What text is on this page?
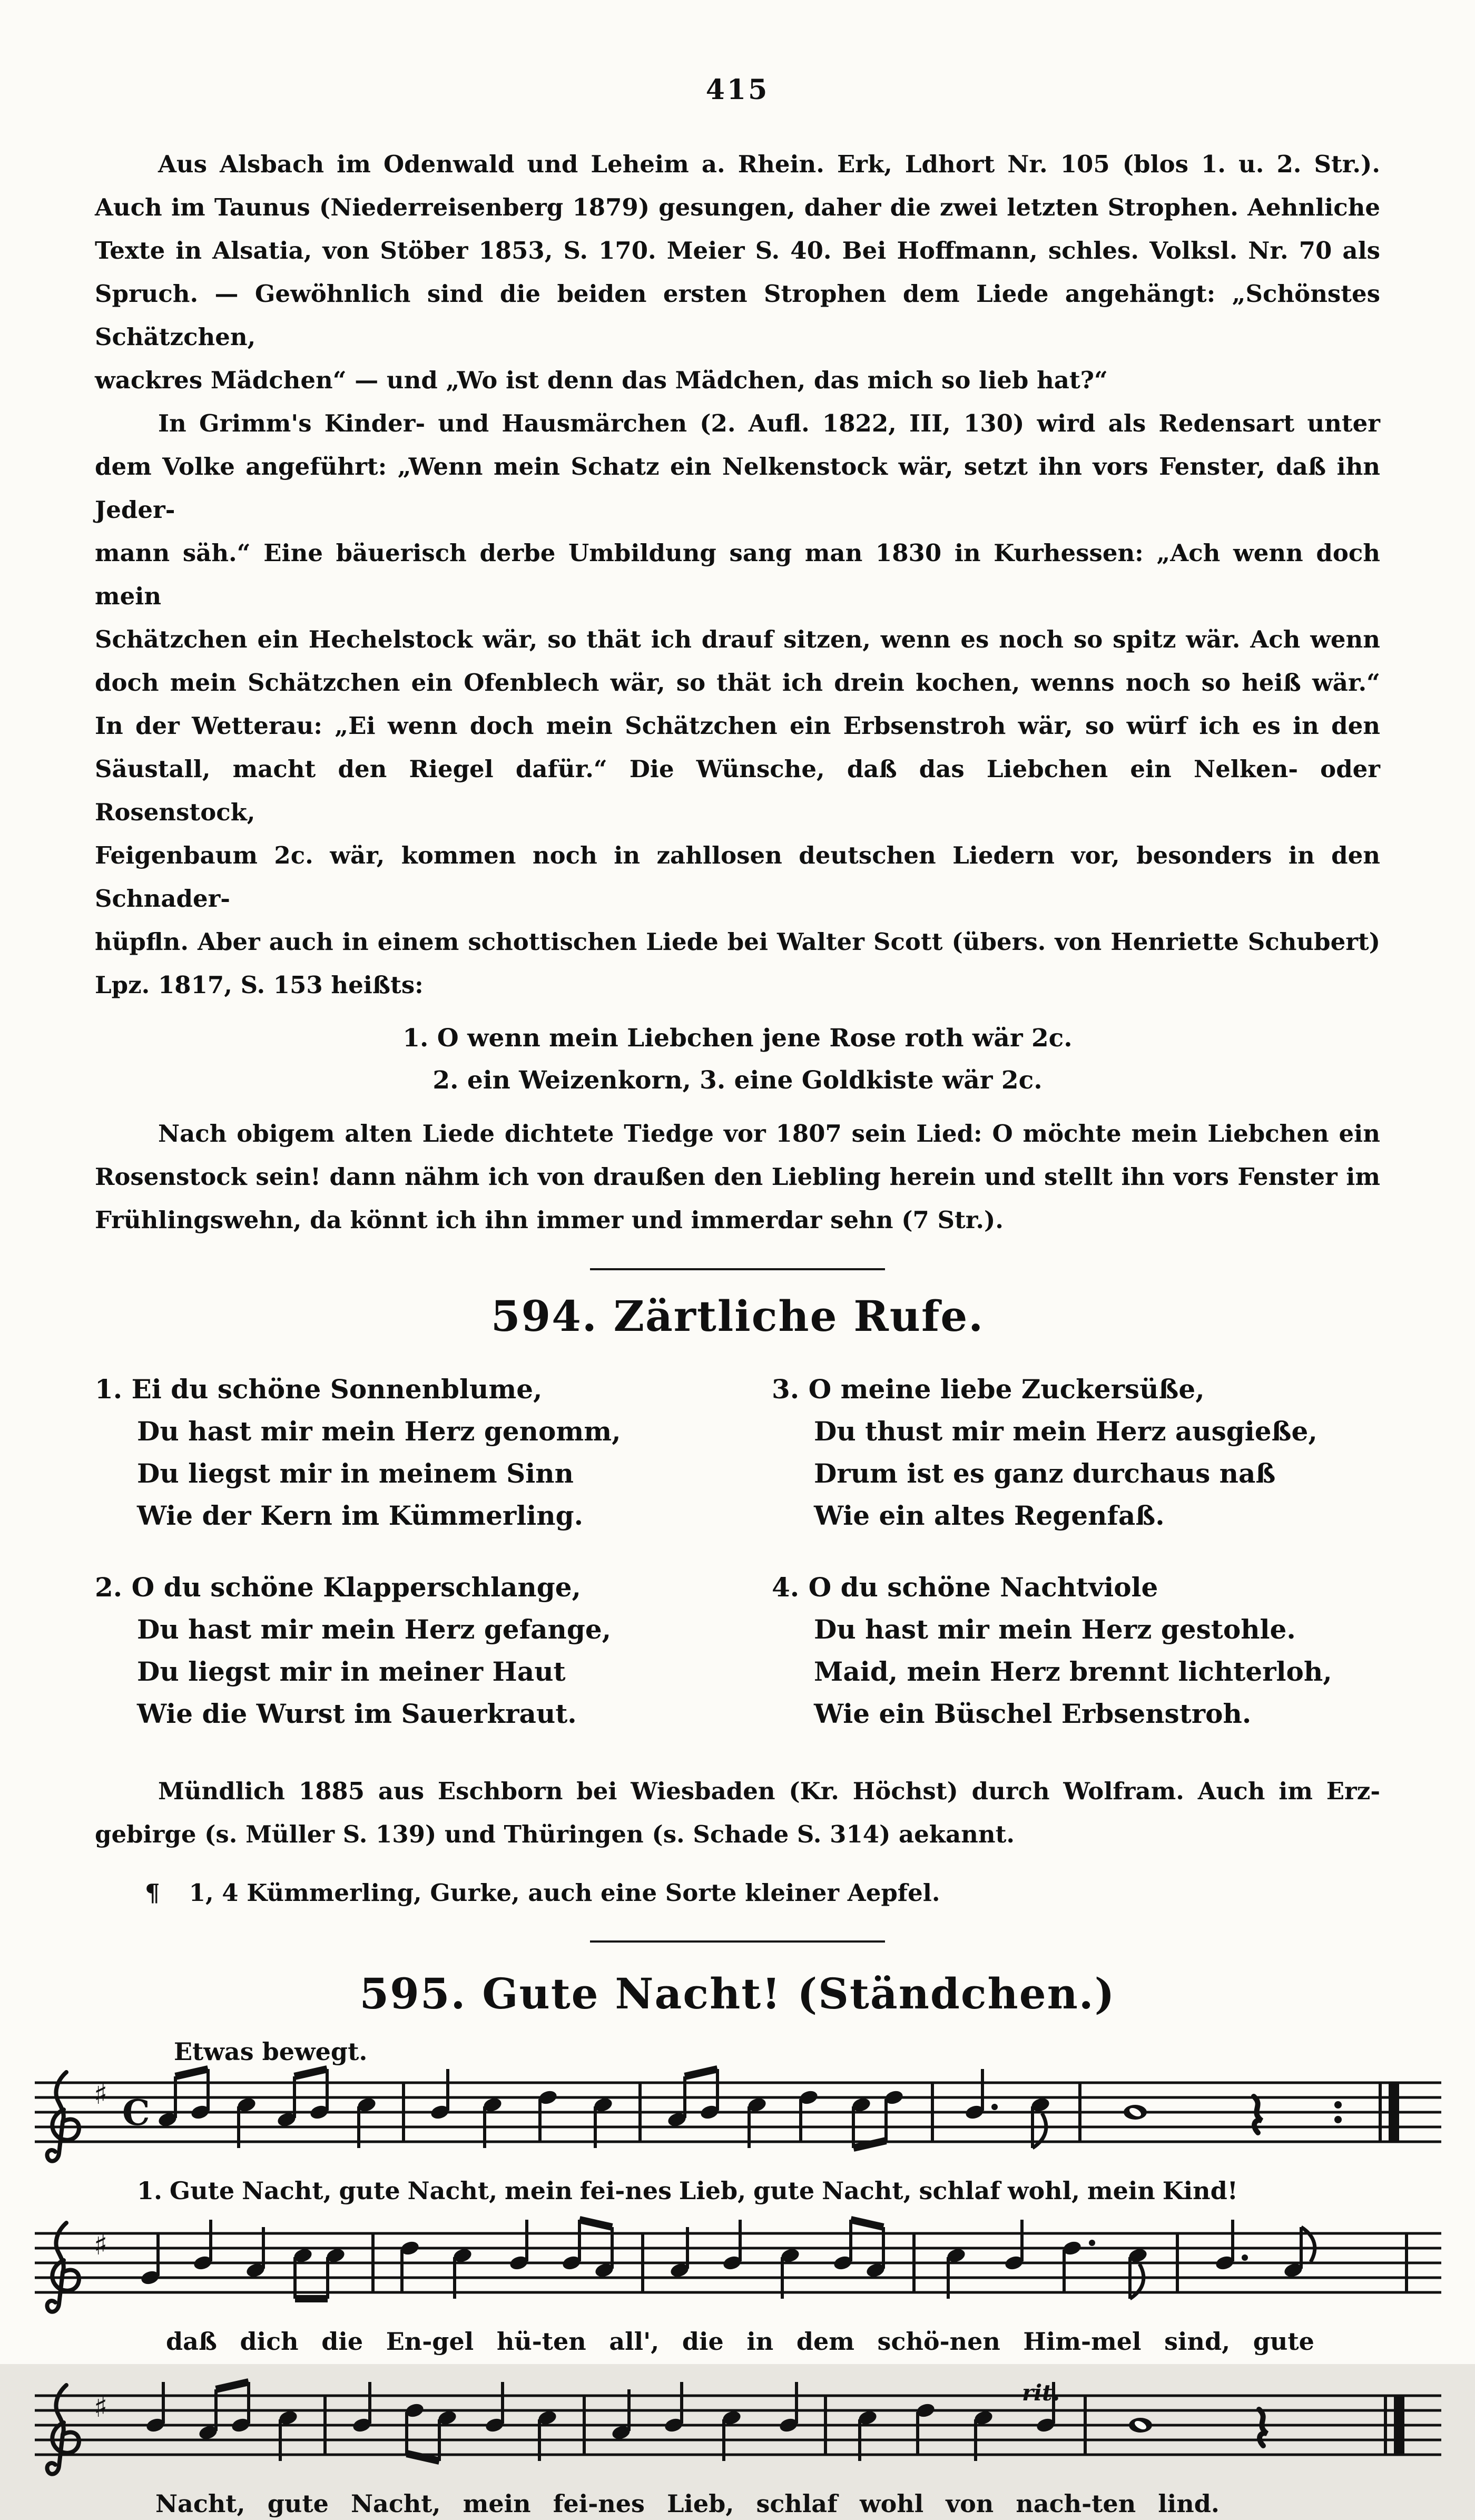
415
Aus Alsbach im Odenwald und Leheim a. Rhein. Erk, Ldhort Nr. 105 (blos 1. u. 2. Str.).
Auch im Taunus (Niederreisenberg 1879) gesungen, daher die zwei letzten Strophen. Aehnliche
Texte in Alsatia, von Stöber 1853, S. 170. Meier S. 40. Bei Hoffmann, schles. Volksl. Nr. 70 als
Spruch. — Gewöhnlich sind die beiden ersten Strophen dem Liede angehängt: „Schönstes Schätzchen,
wackres Mädchen“ — und „Wo ist denn das Mädchen, das mich so lieb hat?“
In Grimm's Kinder- und Hausmärchen (2. Aufl. 1822, III, 130) wird als Redensart unter
dem Volke angeführt: „Wenn mein Schatz ein Nelkenstock wär, setzt ihn vors Fenster, daß ihn Jeder-
mann säh.“ Eine bäuerisch derbe Umbildung sang man 1830 in Kurhessen: „Ach wenn doch mein
Schätzchen ein Hechelstock wär, so thät ich drauf sitzen, wenn es noch so spitz wär. Ach wenn
doch mein Schätzchen ein Ofenblech wär, so thät ich drein kochen, wenns noch so heiß wär.“
In der Wetterau: „Ei wenn doch mein Schätzchen ein Erbsenstroh wär, so würf ich es in den
Säustall, macht den Riegel dafür.“ Die Wünsche, daß das Liebchen ein Nelken- oder Rosenstock,
Feigenbaum 2c. wär, kommen noch in zahllosen deutschen Liedern vor, besonders in den Schnader-
hüpfln. Aber auch in einem schottischen Liede bei Walter Scott (übers. von Henriette Schubert)
Lpz. 1817, S. 153 heißts:
1. O wenn mein Liebchen jene Rose roth wär 2c.
2. ein Weizenkorn, 3. eine Goldkiste wär 2c.
Nach obigem alten Liede dichtete Tiedge vor 1807 sein Lied: O möchte mein Liebchen ein
Rosenstock sein! dann nähm ich von draußen den Liebling herein und stellt ihn vors Fenster im
Frühlingswehn, da könnt ich ihn immer und immerdar sehn (7 Str.).
594. Zärtliche Rufe.
1. Ei du schöne Sonnenblume,
Du hast mir mein Herz genomm,
Du liegst mir in meinem Sinn
Wie der Kern im Kümmerling.
2. O du schöne Klapperschlange,
Du hast mir mein Herz gefange,
Du liegst mir in meiner Haut
Wie die Wurst im Sauerkraut.
3. O meine liebe Zuckersüße,
Du thust mir mein Herz ausgieße,
Drum ist es ganz durchaus naß
Wie ein altes Regenfaß.
4. O du schöne Nachtviole
Du hast mir mein Herz gestohle.
Maid, mein Herz brennt lichterloh,
Wie ein Büschel Erbsenstroh.
Mündlich 1885 aus Eschborn bei Wiesbaden (Kr. Höchst) durch Wolfram. Auch im Erz-
gebirge (s. Müller S. 139) und Thüringen (s. Schade S. 314) aekannt.
¶ 1, 4 Kümmerling, Gurke, auch eine Sorte kleiner Aepfel.
595. Gute Nacht! (Ständchen.)
Etwas bewegt.
♯ C
1. Gute Nacht, gute Nacht, mein fei-nes Lieb, gute Nacht, schlaf wohl, mein Kind!
♯
daß dich die En-gel hü-ten all', die in dem schö-nen Him-mel sind, gute
rit.
♯
Nacht, gute Nacht, mein fei-nes Lieb, schlaf wohl von nach-ten lind.
